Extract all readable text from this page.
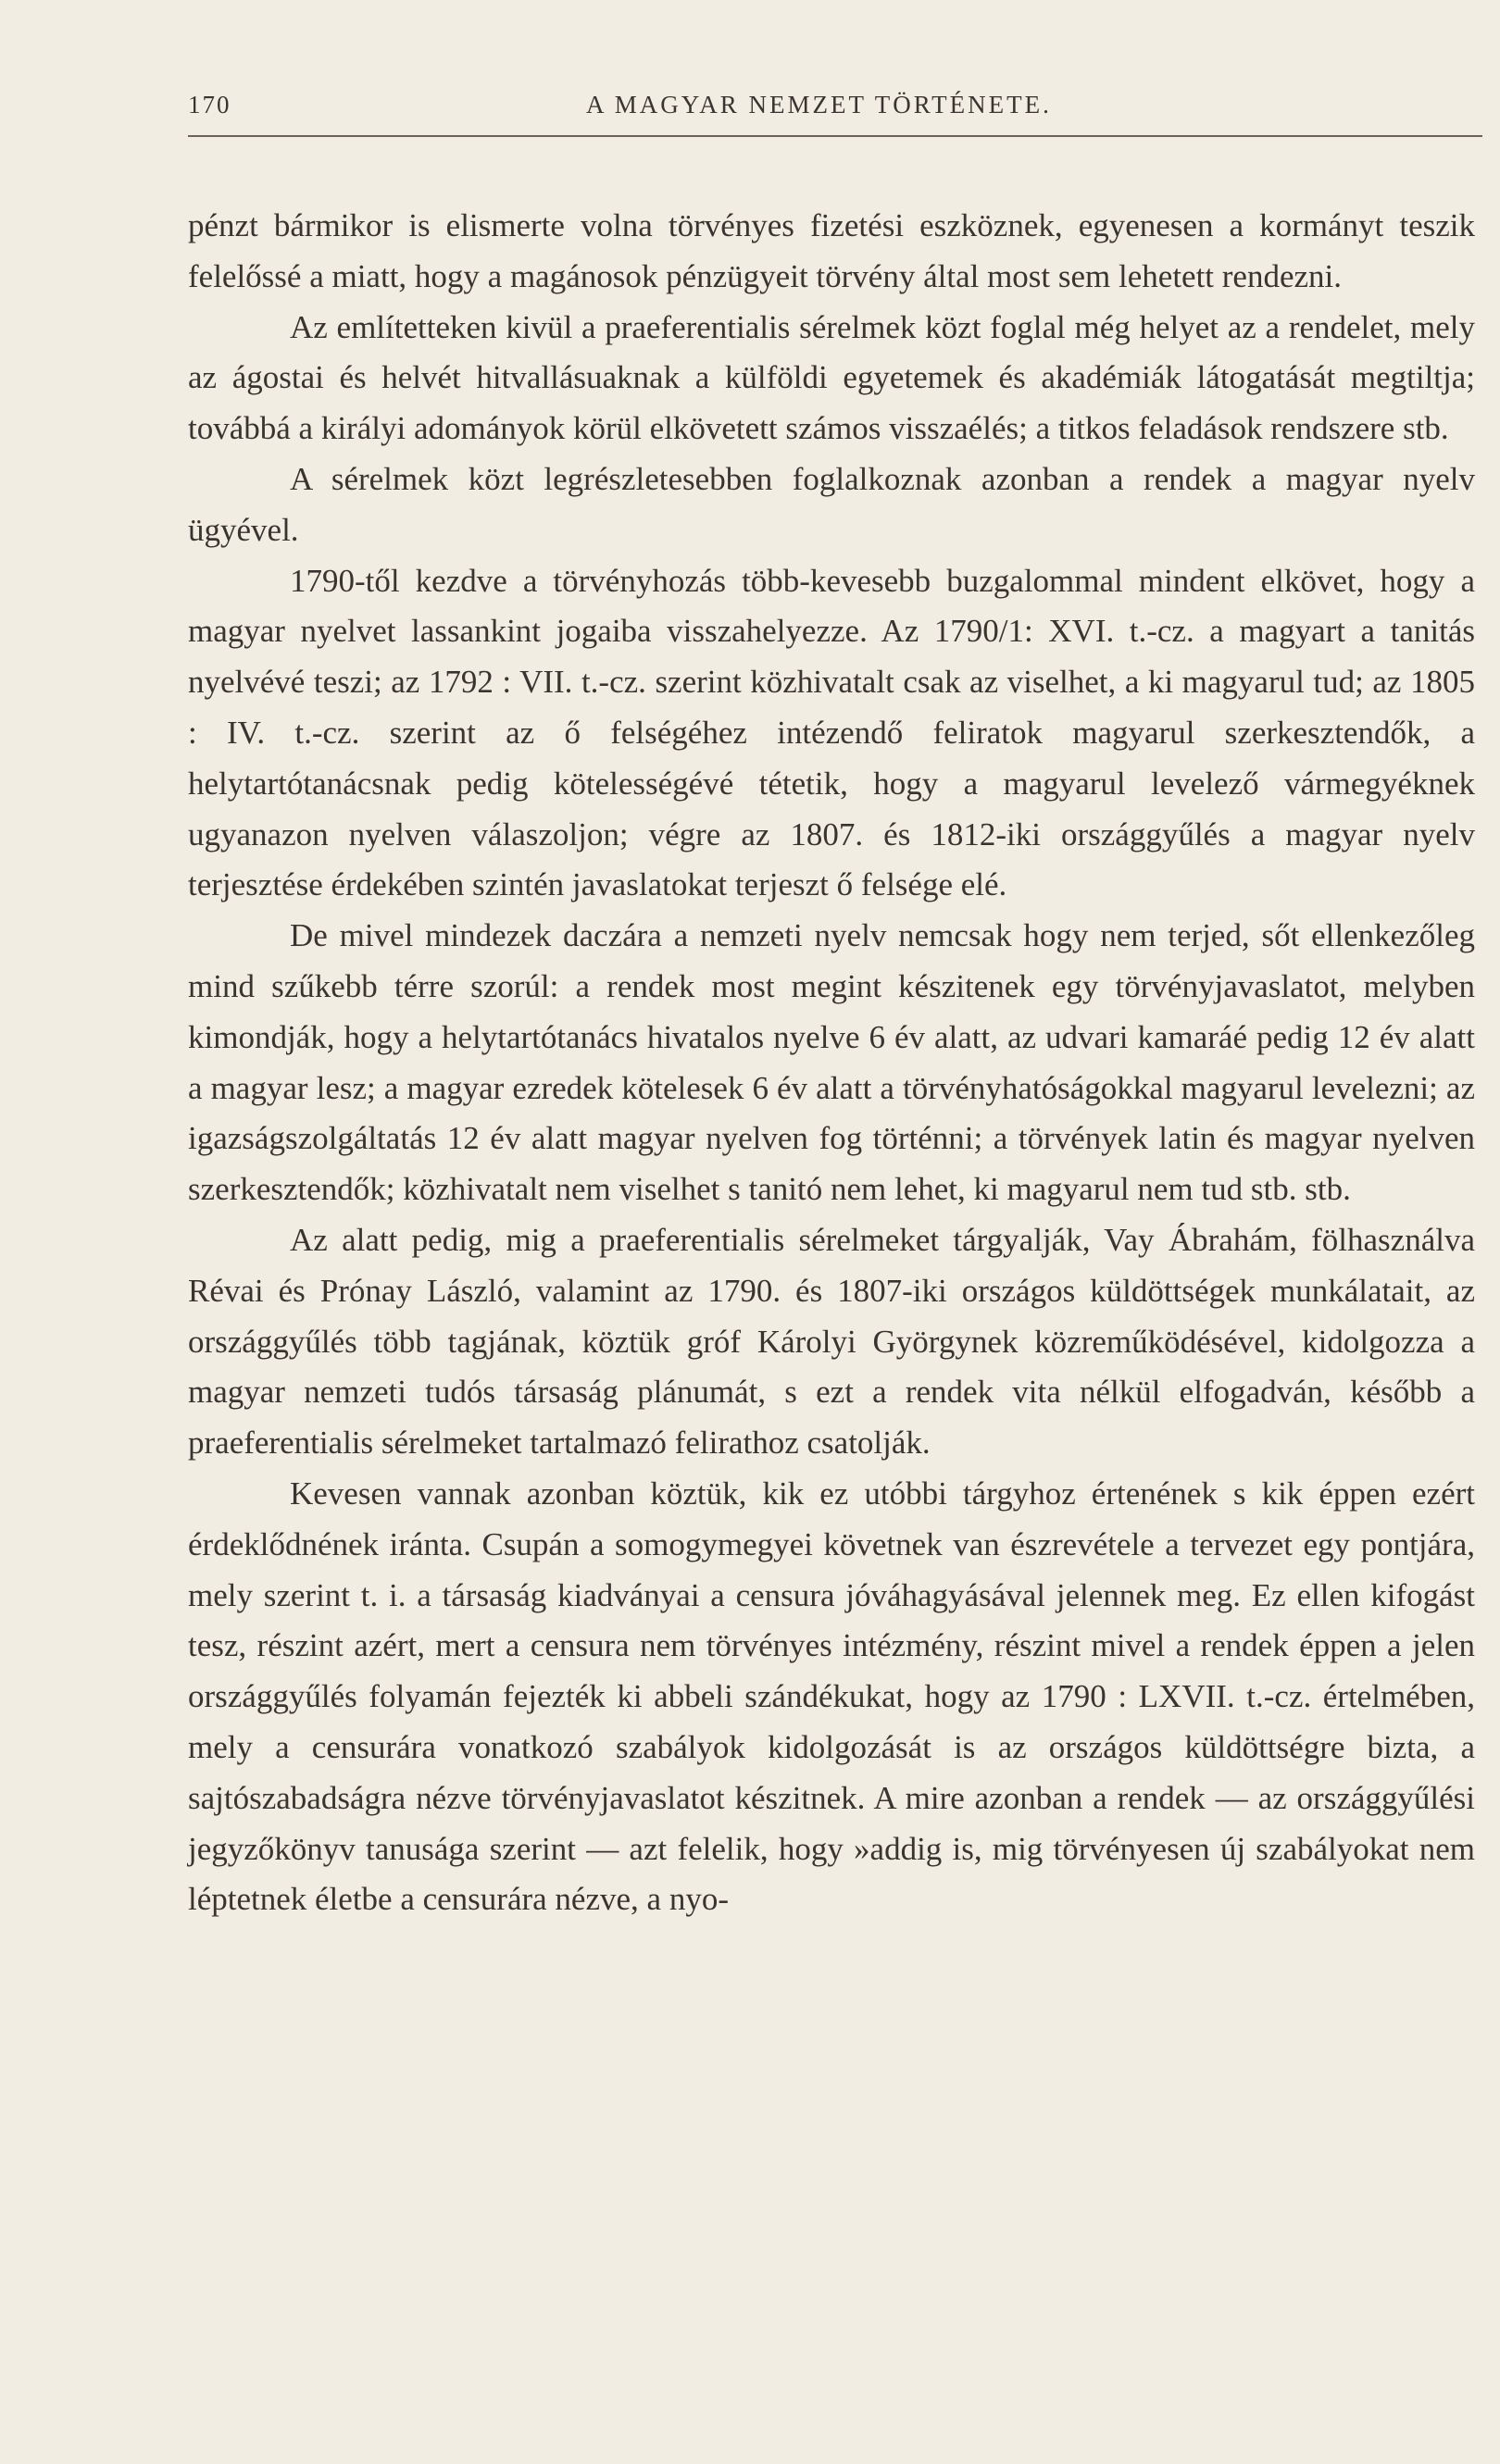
170	A MAGYAR NEMZET TÖRTÉNETE.

pénzt bármikor is elismerte volna törvényes fizetési eszköznek, egyenesen a kormányt teszik felelőssé a miatt, hogy a magánosok pénzügyeit törvény által most sem lehetett rendezni.

Az említetteken kivül a praeferentialis sérelmek közt foglal még helyet az a rendelet, mely az ágostai és helvét hitvallásuaknak a külföldi egyetemek és akadémiák látogatását megtiltja; továbbá a királyi adományok körül elkövetett számos visszaélés; a titkos feladások rendszere stb.

A sérelmek közt legrészletesebben foglalkoznak azonban a rendek a magyar nyelv ügyével.

1790-től kezdve a törvényhozás több-kevesebb buzgalommal mindent elkövet, hogy a magyar nyelvet lassankint jogaiba visszahelyezze. Az 1790/1: XVI. t.-cz. a magyart a tanitás nyelvévé teszi; az 1792 : VII. t.-cz. szerint közhivatalt csak az viselhet, a ki magyarul tud; az 1805 : IV. t.-cz. szerint az ő felségéhez intézendő feliratok magyarul szerkesztendők, a helytartótanácsnak pedig kötelességévé tétetik, hogy a magyarul levelező vármegyéknek ugyanazon nyelven válaszoljon; végre az 1807. és 1812-iki országgyűlés a magyar nyelv terjesztése érdekében szintén javaslatokat terjeszt ő felsége elé.

De mivel mindezek daczára a nemzeti nyelv nemcsak hogy nem terjed, sőt ellenkezőleg mind szűkebb térre szorúl: a rendek most megint készitenek egy törvényjavaslatot, melyben kimondják, hogy a helytartótanács hivatalos nyelve 6 év alatt, az udvari kamaráé pedig 12 év alatt a magyar lesz; a magyar ezredek kötelesek 6 év alatt a törvényhatóságokkal magyarul levelezni; az igazságszolgáltatás 12 év alatt magyar nyelven fog történni; a törvények latin és magyar nyelven szerkesztendők; közhivatalt nem viselhet s tanitó nem lehet, ki magyarul nem tud stb. stb.

Az alatt pedig, mig a praeferentialis sérelmeket tárgyalják, Vay Ábrahám, fölhasználva Révai és Prónay László, valamint az 1790. és 1807-iki országos küldöttségek munkálatait, az országgyűlés több tagjának, köztük gróf Károlyi Györgynek közreműködésével, kidolgozza a magyar nemzeti tudós társaság plánumát, s ezt a rendek vita nélkül elfogadván, később a praeferentialis sérelmeket tartalmazó felirathoz csatolják.

Kevesen vannak azonban köztük, kik ez utóbbi tárgyhoz értenének s kik éppen ezért érdeklődnének iránta. Csupán a somogymegyei követnek van észrevétele a tervezet egy pontjára, mely szerint t. i. a társaság kiadványai a censura jóváhagyásával jelennek meg. Ez ellen kifogást tesz, részint azért, mert a censura nem törvényes intézmény, részint mivel a rendek éppen a jelen országgyűlés folyamán fejezték ki abbeli szándékukat, hogy az 1790 : LXVII. t.-cz. értelmében, mely a censurára vonatkozó szabályok kidolgozását is az országos küldöttségre bizta, a sajtószabadságra nézve törvényjavaslatot készitnek. A mire azonban a rendek — az országgyűlési jegyzőkönyv tanusága szerint — azt felelik, hogy »addig is, mig törvényesen új szabályokat nem léptetnek életbe a censurára nézve, a nyo-
